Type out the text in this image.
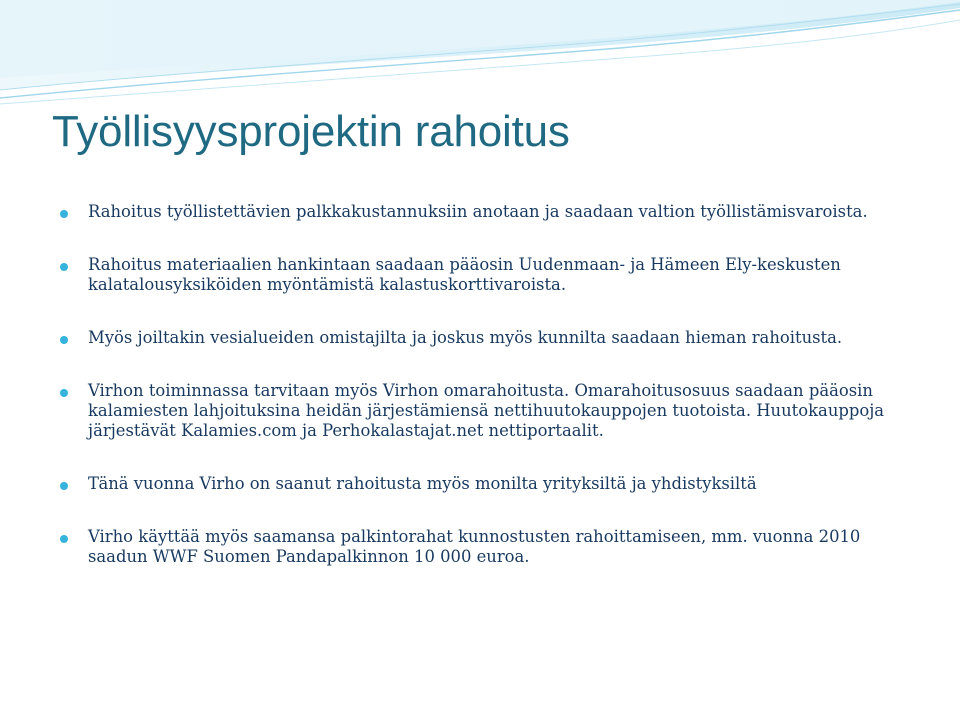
Työllisyysprojektin rahoitus
Rahoitus työllistettävien palkkakustannuksiin anotaan ja saadaan valtion työllistämisvaroista.
Rahoitus materiaalien hankintaan saadaan pääosin Uudenmaan- ja Hämeen Ely-keskusten kalatalousyksiköiden myöntämistä kalastuskorttivaroista.
Myös joiltakin vesialueiden omistajilta ja joskus myös kunnilta saadaan hieman rahoitusta.
Virhon toiminnassa tarvitaan myös Virhon omarahoitusta. Omarahoitusosuus saadaan pääosin kalamiesten lahjoituksina heidän järjestämiensä nettihuutokauppojen tuotoista. Huutokauppoja järjestävät Kalamies.com ja Perhokalastajat.net nettiportaalit.
Tänä vuonna Virho on saanut rahoitusta myös monilta yrityksiltä ja yhdistyksiltä
Virho käyttää myös saamansa palkintorahat kunnostusten rahoittamiseen, mm. vuonna 2010 saadun WWF Suomen Pandapalkinnon 10 000 euroa.
